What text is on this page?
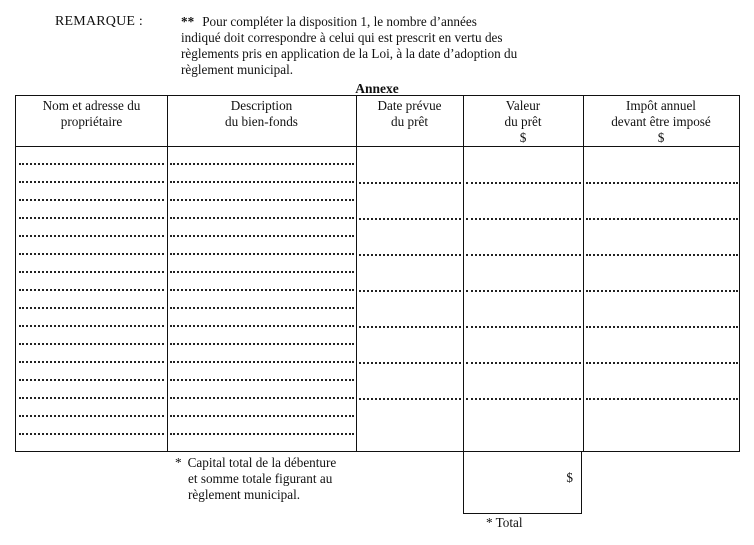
REMARQUE :	** Pour compléter la disposition 1, le nombre d’années
indiqué doit correspondre à celui qui est prescrit en vertu des
règlements pris en application de la Loi, à la date d’adoption du
règlement municipal.
Annexe
Nom et adresse du
propriétaire
Description
du bien-fonds
Date prévue
du prêt
Valeur
du prêt
$
Impôt annuel
devant être imposé
$
* Capital total de la débenture
et somme totale figurant au
règlement municipal.
$
* Total
